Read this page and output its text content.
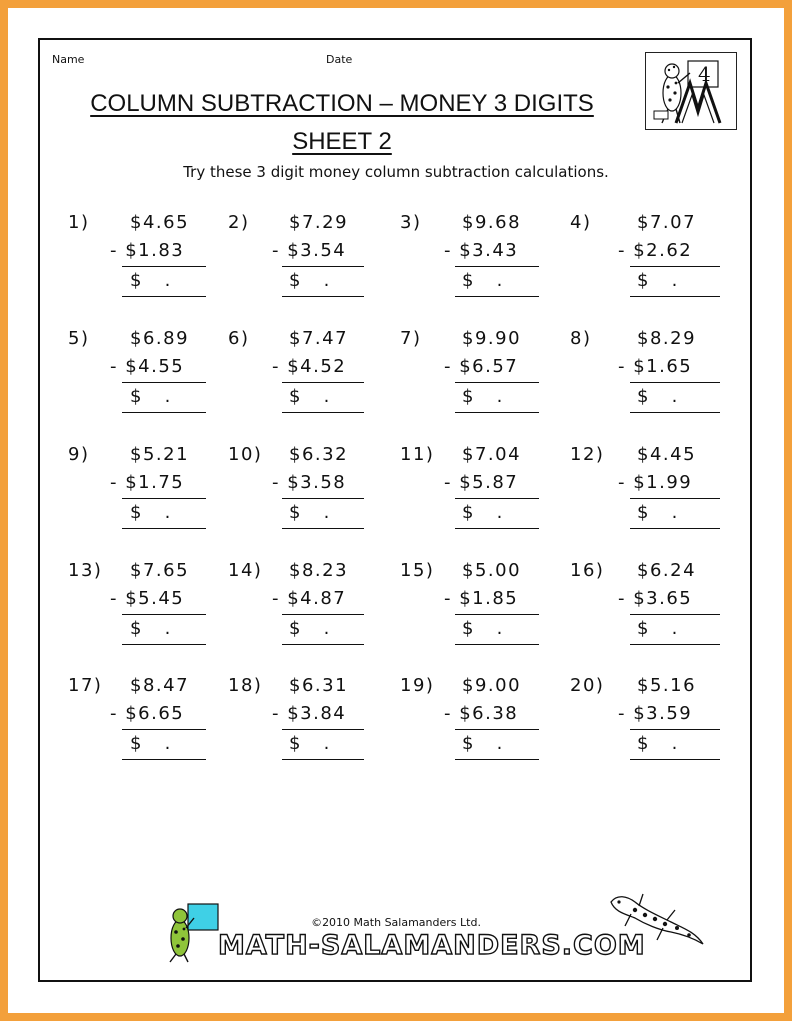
Name	Date
COLUMN SUBTRACTION – MONEY 3 DIGITS
SHEET 2
Try these 3 digit money column subtraction calculations.
4
1) $4.65
- $1.83
$   .
2) $7.29
- $3.54
$   .
3) $9.68
- $3.43
$   .
4)	$7.07
- $2.62
$   .
5) $6.89
- $4.55
$   .
6) $7.47
- $4.52
$   .
7) $9.90
- $6.57
$   .
8)	$8.29
- $1.65
$   .
9) $5.21
- $1.75
$   .
10) $6.32
- $3.58
$   .
11) $7.04
- $5.87
$   .
12) $4.45
- $1.99
$   .
13) $7.65
- $5.45
$   .
14) $8.23
- $4.87
$   .
15) $5.00
- $1.85
$   .
16) $6.24
- $3.65
$   .
17) $8.47
- $6.65
$   .
18) $6.31
- $3.84
$   .
19) $9.00
- $6.38
$   .
20) $5.16
- $3.59
$   .
©2010 Math Salamanders Ltd.
MATH-SALAMANDERS.COM
